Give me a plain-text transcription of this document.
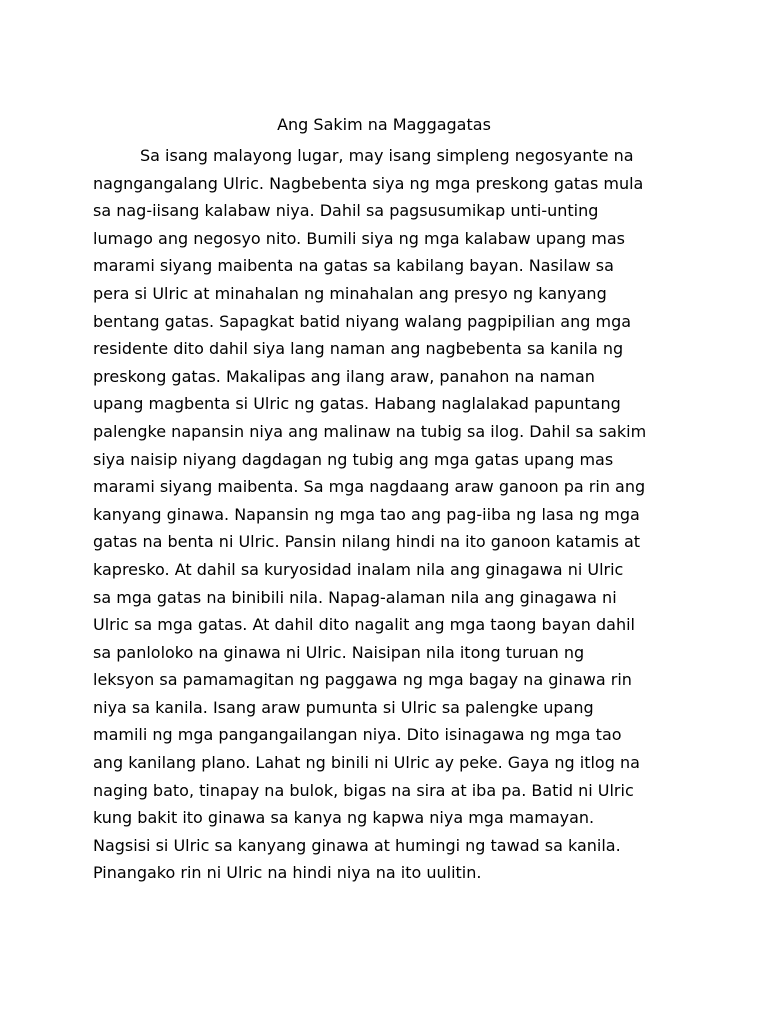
Ang Sakim na Maggagatas
Sa isang malayong lugar, may isang simpleng negosyante na
nagngangalang Ulric. Nagbebenta siya ng mga preskong gatas mula
sa nag-iisang kalabaw niya. Dahil sa pagsusumikap unti-unting
lumago ang negosyo nito. Bumili siya ng mga kalabaw upang mas
marami siyang maibenta na gatas sa kabilang bayan. Nasilaw sa
pera si Ulric at minahalan ng minahalan ang presyo ng kanyang
bentang gatas. Sapagkat batid niyang walang pagpipilian ang mga
residente dito dahil siya lang naman ang nagbebenta sa kanila ng
preskong gatas. Makalipas ang ilang araw, panahon na naman
upang magbenta si Ulric ng gatas. Habang naglalakad papuntang
palengke napansin niya ang malinaw na tubig sa ilog. Dahil sa sakim
siya naisip niyang dagdagan ng tubig ang mga gatas upang mas
marami siyang maibenta. Sa mga nagdaang araw ganoon pa rin ang
kanyang ginawa. Napansin ng mga tao ang pag-iiba ng lasa ng mga
gatas na benta ni Ulric. Pansin nilang hindi na ito ganoon katamis at
kapresko. At dahil sa kuryosidad inalam nila ang ginagawa ni Ulric
sa mga gatas na binibili nila. Napag-alaman nila ang ginagawa ni
Ulric sa mga gatas. At dahil dito nagalit ang mga taong bayan dahil
sa panloloko na ginawa ni Ulric. Naisipan nila itong turuan ng
leksyon sa pamamagitan ng paggawa ng mga bagay na ginawa rin
niya sa kanila. Isang araw pumunta si Ulric sa palengke upang
mamili ng mga pangangailangan niya. Dito isinagawa ng mga tao
ang kanilang plano. Lahat ng binili ni Ulric ay peke. Gaya ng itlog na
naging bato, tinapay na bulok, bigas na sira at iba pa. Batid ni Ulric
kung bakit ito ginawa sa kanya ng kapwa niya mga mamayan.
Nagsisi si Ulric sa kanyang ginawa at humingi ng tawad sa kanila.
Pinangako rin ni Ulric na hindi niya na ito uulitin.
